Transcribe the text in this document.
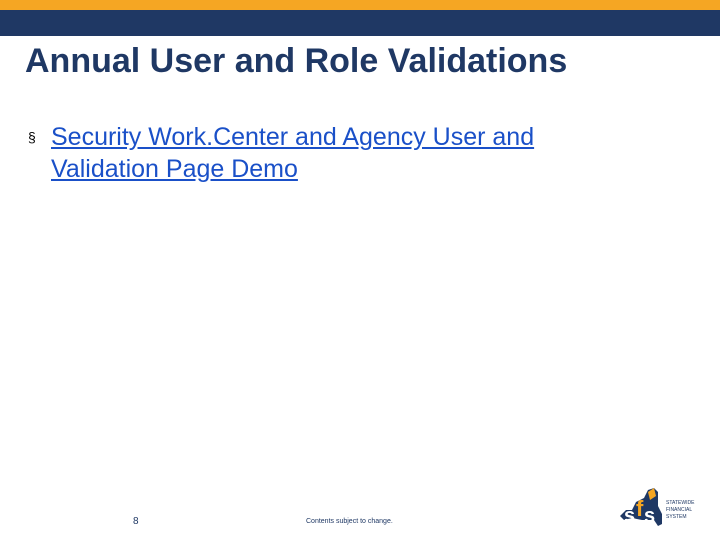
Annual User and Role Validations
§ Security Work.Center and Agency User and Validation Page Demo
8	Contents subject to change.	s f s
STATEWIDE
FINANCIAL
SYSTEM
